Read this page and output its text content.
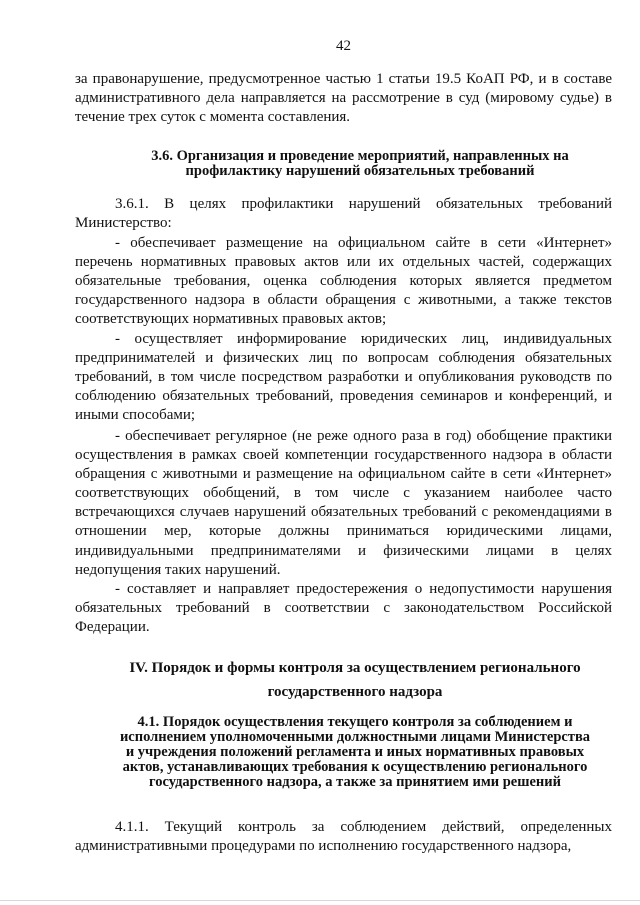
42

за правонарушение, предусмотренное частью 1 статьи 19.5 КоАП РФ, и в составе административного дела направляется на рассмотрение в суд (мировому судье) в течение трех суток с момента составления.

3.6. Организация и проведение мероприятий, направленных на профилактику нарушений обязательных требований

3.6.1. В целях профилактики нарушений обязательных требований Министерство:

- обеспечивает размещение на официальном сайте в сети «Интернет» перечень нормативных правовых актов или их отдельных частей, содержащих обязательные требования, оценка соблюдения которых является предметом государственного надзора в области обращения с животными, а также текстов соответствующих нормативных правовых актов;

- осуществляет информирование юридических лиц, индивидуальных предпринимателей и физических лиц по вопросам соблюдения обязательных требований, в том числе посредством разработки и опубликования руководств по соблюдению обязательных требований, проведения семинаров и конференций, и иными способами;

- обеспечивает регулярное (не реже одного раза в год) обобщение практики осуществления в рамках своей компетенции государственного надзора в области обращения с животными и размещение на официальном сайте в сети «Интернет» соответствующих обобщений, в том числе с указанием наиболее часто встречающихся случаев нарушений обязательных требований с рекомендациями в отношении мер, которые должны приниматься юридическими лицами, индивидуальными предпринимателями и физическими лицами в целях недопущения таких нарушений.

- составляет и направляет предостережения о недопустимости нарушения обязательных требований в соответствии с законодательством Российской Федерации.

IV. Порядок и формы контроля за осуществлением регионального государственного надзора

4.1. Порядок осуществления текущего контроля за соблюдением и исполнением уполномоченными должностными лицами Министерства и учреждения положений регламента и иных нормативных правовых актов, устанавливающих требования к осуществлению регионального государственного надзора, а также за принятием ими решений

4.1.1. Текущий контроль за соблюдением действий, определенных административными процедурами по исполнению государственного надзора,
